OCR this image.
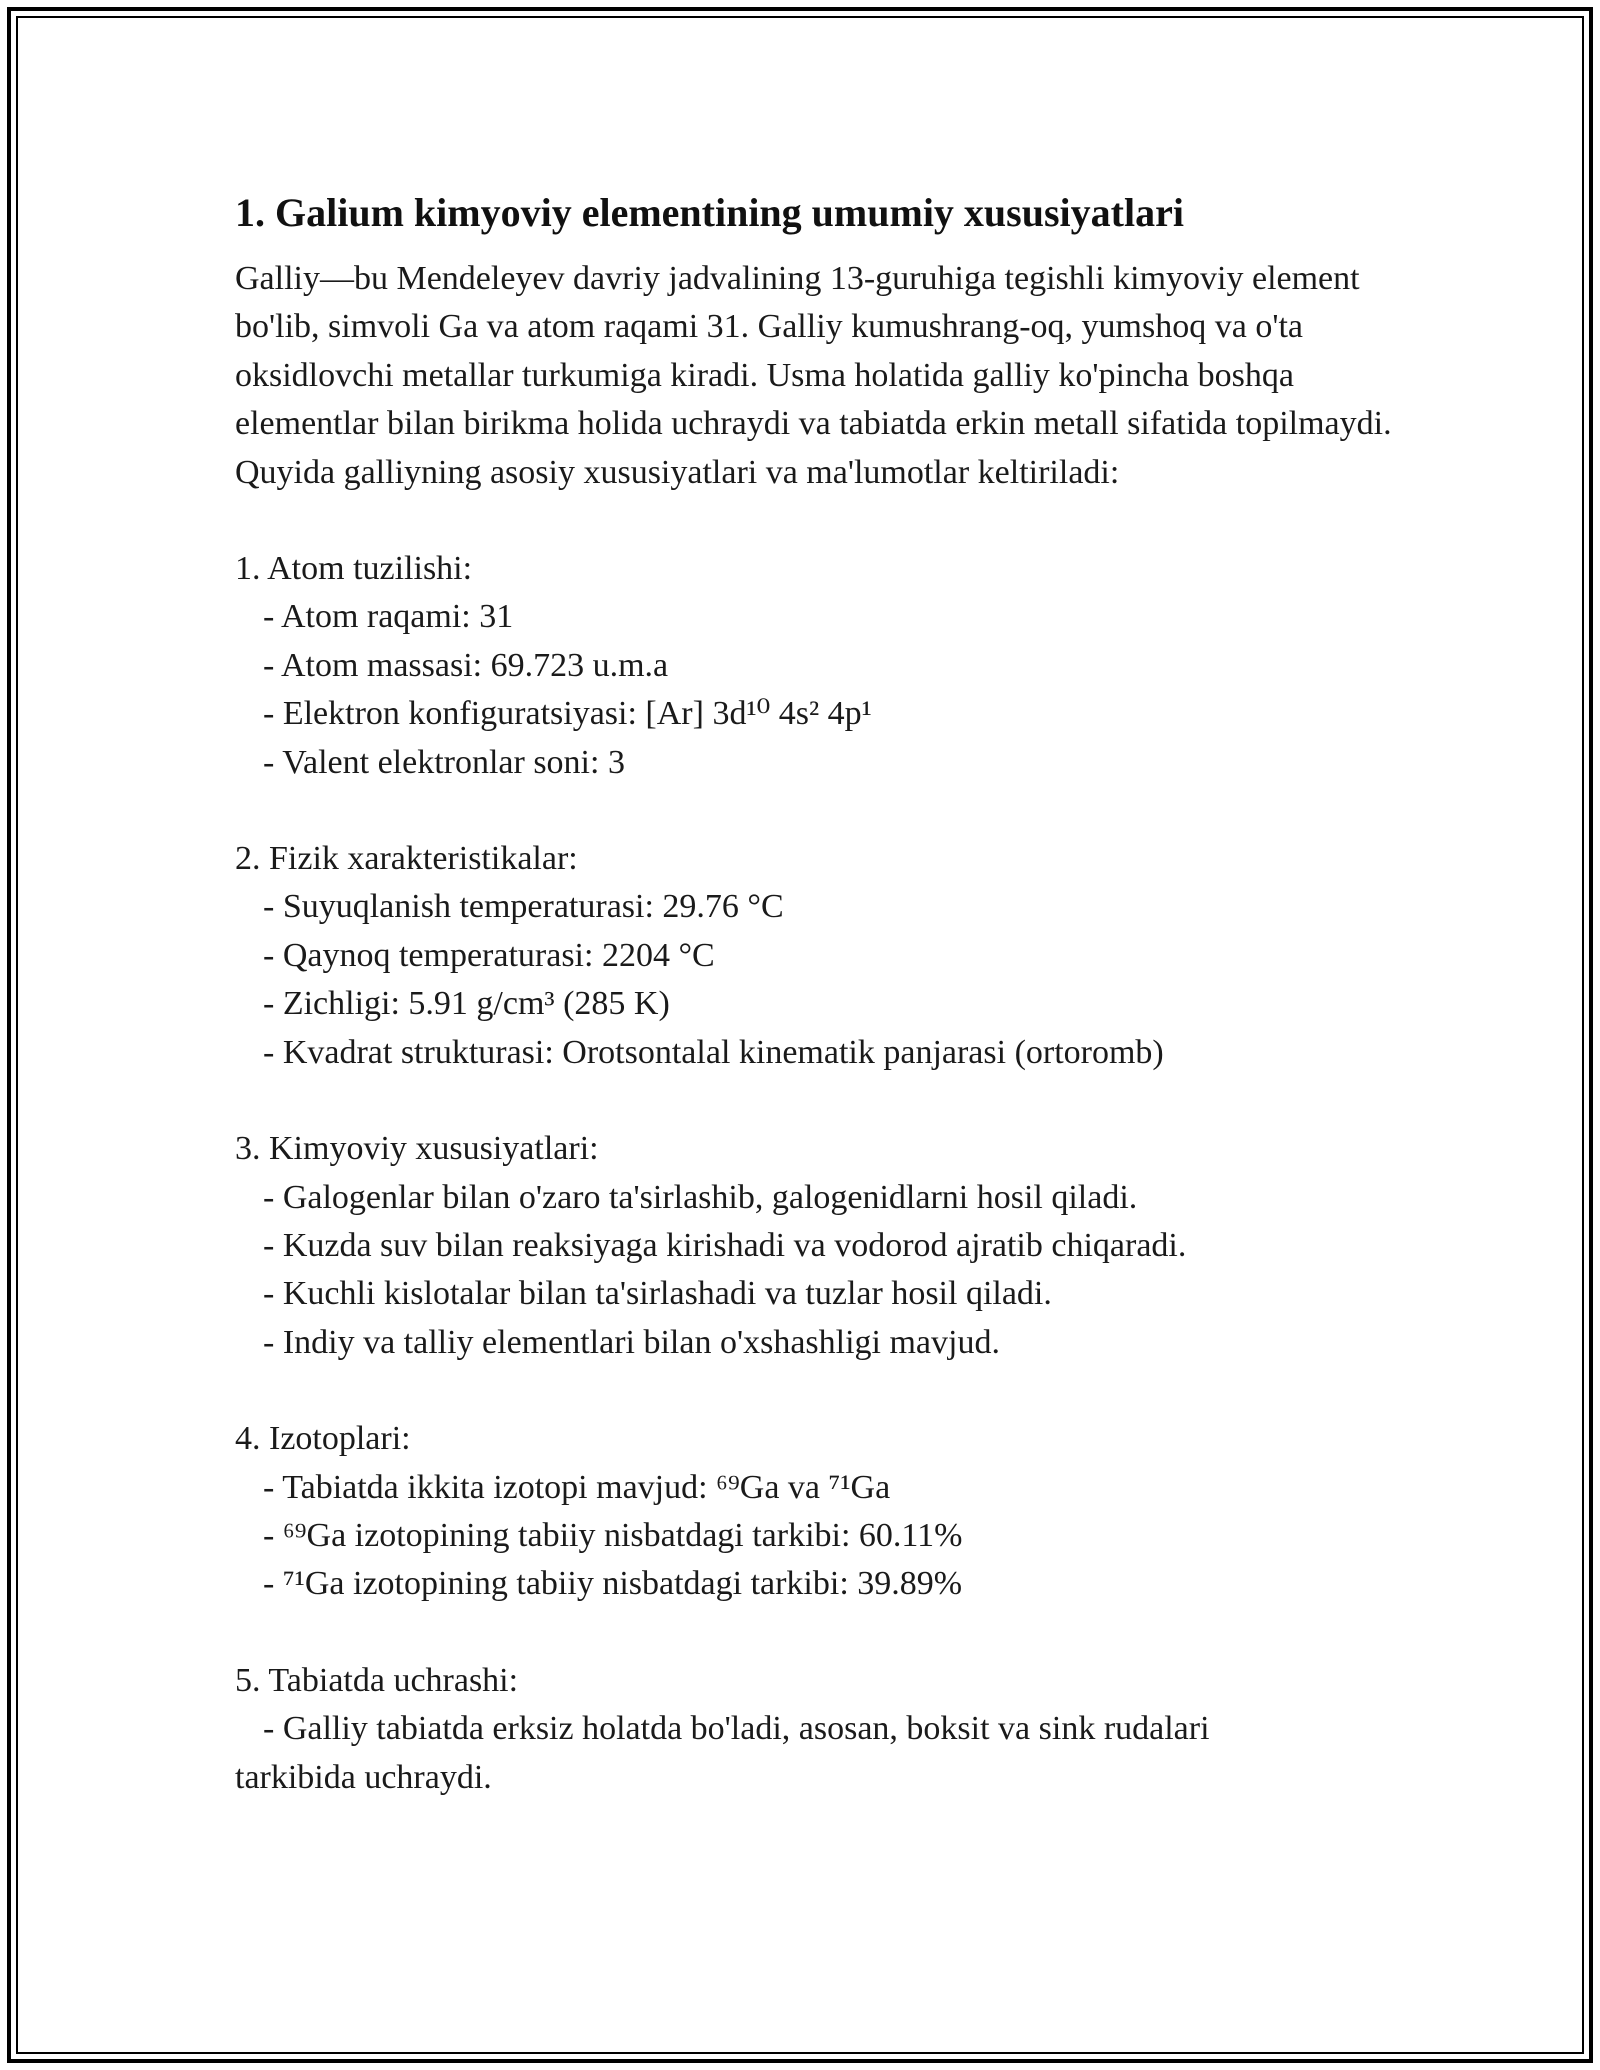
1. Galium kimyoviy elementining umumiy xususiyatlari

Galliy—bu Mendeleyev davriy jadvalining 13-guruhiga tegishli kimyoviy element bo'lib, simvoli Ga va atom raqami 31. Galliy kumushrang-oq, yumshoq va o'ta oksidlovchi metallar turkumiga kiradi. Usma holatida galliy ko'pincha boshqa elementlar bilan birikma holida uchraydi va tabiatda erkin metall sifatida topilmaydi. Quyida galliyning asosiy xususiyatlari va ma'lumotlar keltiriladi:

1. Atom tuzilishi:
- Atom raqami: 31
- Atom massasi: 69.723 u.m.a
- Elektron konfiguratsiyasi: [Ar] 3d¹⁰ 4s² 4p¹
- Valent elektronlar soni: 3
2. Fizik xarakteristikalar:
- Suyuqlanish temperaturasi: 29.76 °C
- Qaynoq temperaturasi: 2204 °C
- Zichligi: 5.91 g/cm³ (285 K)
- Kvadrat strukturasi: Orotsontalal kinematik panjarasi (ortoromb)
3. Kimyoviy xususiyatlari:
- Galogenlar bilan o'zaro ta'sirlashib, galogenidlarni hosil qiladi.
- Kuzda suv bilan reaksiyaga kirishadi va vodorod ajratib chiqaradi.
- Kuchli kislotalar bilan ta'sirlashadi va tuzlar hosil qiladi.
- Indiy va talliy elementlari bilan o'xshashligi mavjud.
4. Izotoplari:
- Tabiatda ikkita izotopi mavjud: ⁶⁹Ga va ⁷¹Ga
- ⁶⁹Ga izotopining tabiiy nisbatdagi tarkibi: 60.11%
- ⁷¹Ga izotopining tabiiy nisbatdagi tarkibi: 39.89%
5. Tabiatda uchrashi:
- Galliy tabiatda erksiz holatda bo'ladi, asosan, boksit va sink rudalari
tarkibida uchraydi.
